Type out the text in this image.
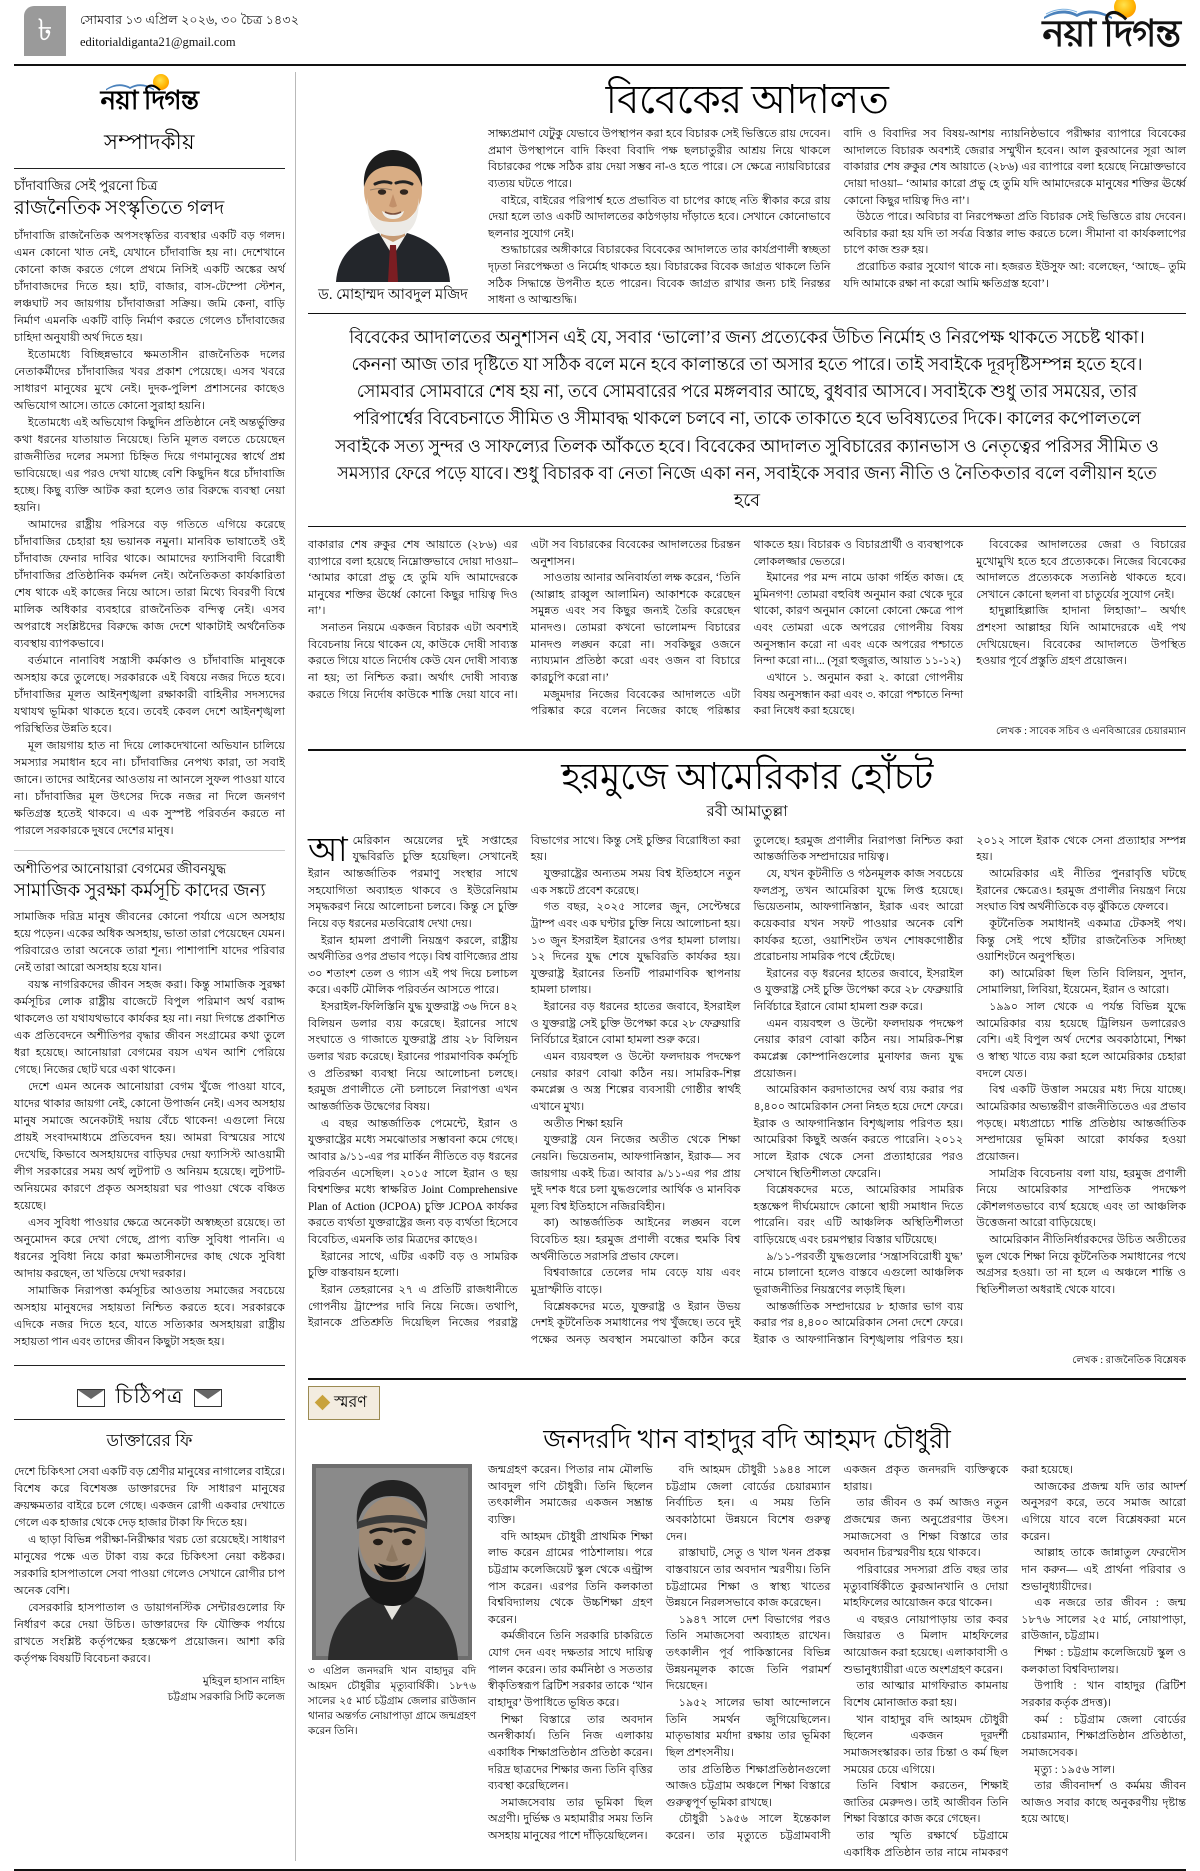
৳	সোমবার ১৩ এপ্রিল ২০২৬, ৩০ চৈত্র ১৪৩২
editorialdiganta21@gmail.com	নয়া দিগন্ত
নয়া দিগন্ত
সম্পাদকীয়
চাঁদাবাজির সেই পুরনো চিত্র
রাজনৈতিক সংস্কৃতিতে গলদ

চাঁদাবাজি রাজনৈতিক অপসংস্কৃতির ব্যবস্থার একটি বড় গলদ। এমন কোনো খাত নেই, যেখানে চাঁদাবাজি হয় না। দেশেখানে কোনো কাজ করতে গেলে প্রথমে নিসিই একটি অঙ্কের অর্থ চাঁদাবাজদের দিতে হয়। হাট, বাজার, বাস-টেম্পো স্টেশন, লঞ্চঘাট সব জায়গায় চাঁদাবাজরা সক্রিয়। জমি কেনা, বাড়ি নির্মাণ এমনকি একটি বাড়ি নির্মাণ করতে গেলেও চাঁদাবাজের চাহিদা অনুযায়ী অর্থ দিতে হয়।

ইতোমধ্যে বিচ্ছিন্নভাবে ক্ষমতাসীন রাজনৈতিক দলের নেতাকর্মীদের চাঁদাবাজির খবর প্রকাশ পেয়েছে। এসব খবরে সাধারণ মানুষের মুখে নেই। দুদক-পুলিশ প্রশাসনের কাছেও অভিযোগ আসে। তাতে কোনো সুরাহা হয়নি।

ইতোমধ্যে এই অভিযোগ কিছুদিন প্রতিষ্ঠানে নেই অন্তর্ভুক্তির কথা ধরনের যাতায়াত নিয়েছে। তিনি মূলত বলতে চেয়েছেন রাজনীতির দলের সমস্যা চিহ্নিত দিয়ে গণমানুষের স্বার্থে প্রশ্ন ভাবিয়েছে। এর পরও দেখা যাচ্ছে বেশি কিছুদিন ধরে চাঁদাবাজি হচ্ছে। কিছু ব্যক্তি আটক করা হলেও তার বিরুদ্ধে ব্যবস্থা নেয়া হয়নি।

আমাদের রাষ্ট্রীয় পরিসরে বড় গতিতে এগিয়ে করেছে চাঁদাবাজির চেহারা হয় ভয়ানক নমুনা। মানবিক ভাষাতেই ওই চাঁদাবাজ ফেনার দাবির থাকে। আমাদের ফ্যাসিবাদী বিরোধী চাঁদাবাজির প্রতিষ্ঠানিক কর্মদল নেই। অনৈতিকতা কার্যকারিতা শেষ থাকে এই কাজের নিয়ে আসে। তারা মিথ্যে বিবরণী বিশ্বে মালিক অধিকার ব্যবহারে রাজনৈতিক বন্দিত্ব নেই। এসব অপরাধে সংশ্লিষ্টদের বিরুদ্ধে কাজ দেশে থাকাটাই অর্থনৈতিক ব্যবস্থায় ব্যাপকভাবে।

বর্তমানে নানাবিধ সন্ত্রাসী কর্মকাণ্ড ও চাঁদাবাজি মানুষকে অসহায় করে তুলেছে। সরকারকে এই বিষয়ে নজর দিতে হবে। চাঁদাবাজির মূলত আইনশৃঙ্খলা রক্ষাকারী বাহিনীর সদস্যদের যথাযথ ভূমিকা থাকতে হবে। তবেই কেবল দেশে আইনশৃঙ্খলা পরিস্থিতির উন্নতি হবে।

মূল জায়গায় হাত না দিয়ে লোকদেখানো অভিযান চালিয়ে সমস্যার সমাধান হবে না। চাঁদাবাজির নেপথ্য কারা, তা সবাই জানে। তাদের আইনের আওতায় না আনলে সুফল পাওয়া যাবে না। চাঁদাবাজির মূল উৎসের দিকে নজর না দিলে জনগণ ক্ষতিগ্রস্ত হতেই থাকবে। এ এক সুস্পষ্ট পরিবর্তন করতে না পারলে সরকারকে দুষবে দেশের মানুষ।

অশীতিপর আনোয়ারা বেগমের জীবনযুদ্ধ
সামাজিক সুরক্ষা কর্মসূচি কাদের জন্য

সামাজিক দরিদ্র মানুষ জীবনের কোনো পর্যায়ে এসে অসহায় হয়ে পড়েন। একের অধিক অসহায়, ভাতা তারা পেয়েছেন যেমন। পরিবারেও তারা অনেকে তারা শূন্য। পাশাপাশি যাদের পরিবার নেই তারা আরো অসহায় হয়ে যান।

বয়স্ক নাগরিকদের জীবন সহজ করা। কিন্তু সামাজিক সুরক্ষা কর্মসূচির লোক রাষ্ট্রীয় বাজেটে বিপুল পরিমাণ অর্থ বরাদ্দ থাকলেও তা যথাযথভাবে কার্যকর হয় না। নয়া দিগন্তে প্রকাশিত এক প্রতিবেদনে অশীতিপর বৃদ্ধার জীবন সংগ্রামের কথা তুলে ধরা হয়েছে। আনোয়ারা বেগমের বয়স এখন আশি পেরিয়ে গেছে। নিজের ছোট ঘরে একা থাকেন।

দেশে এমন অনেক আনোয়ারা বেগম খুঁজে পাওয়া যাবে, যাদের থাকার জায়গা নেই, কোনো উপার্জন নেই। এসব অসহায় মানুষ সমাজে অনেকটাই দয়ায় বেঁচে থাকেন! এগুলো নিয়ে প্রায়ই সংবাদমাধ্যমে প্রতিবেদন হয়। আমরা বিস্ময়ের সাথে দেখেছি, কিভাবে অসহায়দের বাড়িঘর দেয়া ফ্যাসিস্ট আওয়ামী লীগ সরকারের সময় অর্থ লুটপাট ও অনিয়ম হয়েছে। লুটপাট-অনিয়মের কারণে প্রকৃত অসহায়রা ঘর পাওয়া থেকে বঞ্চিত হয়েছে।

এসব সুবিধা পাওয়ার ক্ষেত্রে অনেকটা অস্বচ্ছতা রয়েছে। তা অনুমোদন করে দেখা গেছে, প্রাপ্য ব্যক্তি সুবিধা পাননি। এ ধরনের সুবিধা নিয়ে কারা ক্ষমতাসীনদের কাছ থেকে সুবিধা আদায় করছেন, তা খতিয়ে দেখা দরকার।

সামাজিক নিরাপত্তা কর্মসূচির আওতায় সমাজের সবচেয়ে অসহায় মানুষদের সহায়তা নিশ্চিত করতে হবে। সরকারকে এদিকে নজর দিতে হবে, যাতে সত্যিকার অসহায়রা রাষ্ট্রীয় সহায়তা পান এবং তাদের জীবন কিছুটা সহজ হয়।

চিঠিপত্র
ডাক্তারের ফি

দেশে চিকিৎসা সেবা একটি বড় শ্রেণীর মানুষের নাগালের বাইরে। বিশেষ করে বিশেষজ্ঞ ডাক্তারদের ফি সাধারণ মানুষের ক্রয়ক্ষমতার বাইরে চলে গেছে। একজন রোগী একবার দেখাতে গেলে এক হাজার থেকে দেড় হাজার টাকা ফি দিতে হয়।

এ ছাড়া বিভিন্ন পরীক্ষা-নিরীক্ষার খরচ তো রয়েছেই। সাধারণ মানুষের পক্ষে এত টাকা ব্যয় করে চিকিৎসা নেয়া কষ্টকর। সরকারি হাসপাতালে সেবা পাওয়া গেলেও সেখানে রোগীর চাপ অনেক বেশি।

বেসরকারি হাসপাতাল ও ডায়াগনস্টিক সেন্টারগুলোর ফি নির্ধারণ করে দেয়া উচিত। ডাক্তারদের ফি যৌক্তিক পর্যায়ে রাখতে সংশ্লিষ্ট কর্তৃপক্ষের হস্তক্ষেপ প্রয়োজন। আশা করি কর্তৃপক্ষ বিষয়টি বিবেচনা করবে।

মুহিবুল হাসান নাহিদ
চট্টগ্রাম সরকারি সিটি কলেজ
বিবেকের আদালত
ড. মোহাম্মদ আবদুল মজিদ

সাক্ষ্যপ্রমাণ যেটুকু যেভাবে উপস্থাপন করা হবে বিচারক সেই ভিত্তিতে রায় দেবেন। প্রমাণ উপস্থাপনে বাদি কিংবা বিবাদি পক্ষ ছলচাতুরীর আশ্রয় নিয়ে থাকলে বিচারকের পক্ষে সঠিক রায় দেয়া সম্ভব না-ও হতে পারে। সে ক্ষেত্রে ন্যায়বিচারের ব্যত্যয় ঘটতে পারে।

বাইরে, বাইরের পরিপার্শ্ব হতে প্রভাবিত বা চাপের কাছে নতি স্বীকার করে রায় দেয়া হলে তাও একটি আদালতের কাঠগড়ায় দাঁড়াতে হবে। সেখানে কোনোভাবে ছলনার সুযোগ নেই।

শুদ্ধাচারের অঙ্গীকারে বিচারকের বিবেকের আদালতে তার কার্যপ্রণালী স্বচ্ছতা দৃঢ়তা নিরপেক্ষতা ও নির্মোহ থাকতে হয়। বিচারকের বিবেক জাগ্রত থাকলে তিনি সঠিক সিদ্ধান্তে উপনীত হতে পারেন। বিবেক জাগ্রত রাখার জন্য চাই নিরন্তর সাধনা ও আত্মশুদ্ধি।

বাদি ও বিবাদির সব বিষয়-আশয় ন্যায়নিষ্ঠভাবে পরীক্ষার ব্যাপারে বিবেকের আদালতে বিচারক অবশ্যই জেরার সম্মুখীন হবেন। আল কুরআনের সূরা আল বাকারার শেষ রুকুর শেষ আয়াতে (২৮৬) এর ব্যাপারে বলা হয়েছে নিম্নোক্তভাবে দোয়া দাওয়া– ‘আমার কারো প্রভু হে তুমি যদি আমাদেরকে মানুষের শক্তির ঊর্ধ্বে কোনো কিছুর দায়িত্ব দিও না’।

উঠতে পারে। অবিচার বা নিরপেক্ষতা প্রতি বিচারক সেই ভিত্তিতে রায় দেবেন। অবিচার করা হয় যদি তা সর্বত্র বিস্তার লাভ করতে চলে। সীমানা বা কার্যকলাপের চাপে কাজ শুরু হয়।

প্ররোচিত করার সুযোগ থাকে না। হজরত ইউসুফ আ: বলেছেন, ‘আছে– তুমি যদি আমাকে রক্ষা না করো আমি ক্ষতিগ্রস্ত হবো’।

বিবেকের আদালতের অনুশাসন এই যে, সবার ‘ভালো’র জন্য প্রত্যেকের উচিত নির্মোহ ও নিরপেক্ষ থাকতে সচেষ্ট থাকা। কেননা আজ তার দৃষ্টিতে যা সঠিক বলে মনে হবে কালান্তরে তা অসার হতে পারে। তাই সবাইকে দূরদৃষ্টিসম্পন্ন হতে হবে। সোমবার সোমবারে শেষ হয় না, তবে সোমবারের পরে মঙ্গলবার আছে, বুধবার আসবে। সবাইকে শুধু তার সময়ের, তার পরিপার্শ্বের বিবেচনাতে সীমিত ও সীমাবদ্ধ থাকলে চলবে না, তাকে তাকাতে হবে ভবিষ্যতের দিকে। কালের কপোলতলে সবাইকে সত্য সুন্দর ও সাফল্যের তিলক আঁকতে হবে। বিবেকের আদালত সুবিচারের ক্যানভাস ও নেতৃত্বের পরিসর সীমিত ও সমস্যার ফেরে পড়ে যাবে। শুধু বিচারক বা নেতা নিজে একা নন, সবাইকে সবার জন্য নীতি ও নৈতিকতার বলে বলীয়ান হতে হবে

বাকারার শেষ রুকুর শেষ আয়াতে (২৮৬) এর ব্যাপারে বলা হয়েছে নিম্নোক্তভাবে দোয়া দাওয়া– ‘আমার কারো প্রভু হে তুমি যদি আমাদেরকে মানুষের শক্তির ঊর্ধ্বে কোনো কিছুর দায়িত্ব দিও না’।

সনাতন নিয়মে একজন বিচারক এটা অবশ্যই বিবেচনায় নিয়ে থাকেন যে, কাউকে দোষী সাব্যস্ত করতে গিয়ে যাতে নির্দোষ কেউ যেন দোষী সাব্যস্ত না হয়; তা নিশ্চিত করা। অর্থাৎ দোষী সাব্যস্ত করতে গিয়ে নির্দোষ কাউকে শাস্তি দেয়া যাবে না। এটা সব বিচারকের বিবেকের আদালতের চিরন্তন অনুশাসন।

সাওতায় আনার অনিবার্যতা লক্ষ করেন, ‘তিনি (আল্লাহ রাব্বুল আলামিন) আকাশকে করেছেন সমুন্নত এবং সব কিছুর জন্যই তৈরি করেছেন মানদণ্ড। তোমরা কখনো ভালোমন্দ বিচারের মানদণ্ড লঙ্ঘন করো না। সবকিছুর ওজনে ন্যায্যমান প্রতিষ্ঠা করো এবং ওজন বা বিচারে কারচুপি করো না।’

মজুমদার নিজের বিবেকের আদালতে এটা পরিষ্কার করে বলেন নিজের কাছে পরিষ্কার থাকতে হয়। বিচারক ও বিচারপ্রার্থী ও ব্যবস্থাপকে লোকলজ্জার ভেতরে।

ইমানের পর মন্দ নামে ডাকা গর্হিত কাজ। হে মুমিনগণ! তোমরা বহুবিধ অনুমান করা থেকে দূরে থাকো, কারণ অনুমান কোনো কোনো ক্ষেত্রে পাপ এবং তোমরা একে অপরের গোপনীয় বিষয় অনুসন্ধান করো না এবং একে অপরের পশ্চাতে নিন্দা করো না।... (সূরা হুজুরাত, আয়াত ১১-১২)

এখানে ১. অনুমান করা ২. কারো গোপনীয় বিষয় অনুসন্ধান করা এবং ৩. কারো পশ্চাতে নিন্দা করা নিষেধ করা হয়েছে।

বিবেকের আদালতের জেরা ও বিচারের মুখোমুখি হতে হবে প্রত্যেককে। নিজের বিবেকের আদালতে প্রত্যেককে সত্যনিষ্ঠ থাকতে হবে। সেখানে কোনো ছলনা বা চাতুর্যের সুযোগ নেই।

হাদুল্লাহিল্লাজি হাদানা লিহাজা’– অর্থাৎ প্রশংসা আল্লাহর যিনি আমাদেরকে এই পথ দেখিয়েছেন। বিবেকের আদালতে উপস্থিত হওয়ার পূর্বে প্রস্তুতি গ্রহণ প্রয়োজন।

লেখক : সাবেক সচিব ও এনবিআরের চেয়ারম্যান
হরমুজে আমেরিকার হোঁচট
রবী আমাতুল্লা

আমেরিকান অয়েলের দুই সপ্তাহের যুদ্ধবিরতি চুক্তি হয়েছিল। সেখানেই ইরান আন্তর্জাতিক পরমাণু সংস্থার সাথে সহযোগিতা অব্যাহত থাকবে ও ইউরেনিয়াম সমৃদ্ধকরণ নিয়ে আলোচনা চলবে। কিন্তু সে চুক্তি নিয়ে বড় ধরনের মতবিরোধ দেখা দেয়।

ইরান হামলা প্রণালী নিয়ন্ত্রণ করলে, রাষ্ট্রীয় অর্থনীতির ওপর প্রভাব পড়ে। বিশ্ব বাণিজ্যের প্রায় ৩০ শতাংশ তেল ও গ্যাস এই পথ দিয়ে চলাচল করে। একটি মৌলিক পরিবর্তন আসতে পারে।

ইসরাইল-ফিলিস্তিনি যুদ্ধ যুক্তরাষ্ট্র ৩৬ দিনে ৪২ বিলিয়ন ডলার ব্যয় করেছে। ইরানের সাথে সংঘাতে ও গাজাতে যুক্তরাষ্ট্র প্রায় ২৮ বিলিয়ন ডলার খরচ করেছে। ইরানের পারমাণবিক কর্মসূচি ও প্রতিরক্ষা ব্যবস্থা নিয়ে আলোচনা চলছে। হরমুজ প্রণালীতে নৌ চলাচলে নিরাপত্তা এখন আন্তর্জাতিক উদ্বেগের বিষয়।

এ বছর আন্তর্জাতিক পেমেন্টে, ইরান ও যুক্তরাষ্ট্রের মধ্যে সমঝোতার সম্ভাবনা কমে গেছে। আবার ৯/১১-এর পর মার্কিন নীতিতে বড় ধরনের পরিবর্তন এসেছিল। ২০১৫ সালে ইরান ও ছয় বিশ্বশক্তির মধ্যে স্বাক্ষরিত Joint Comprehensive Plan of Action (JCPOA) চুক্তি JCPOA কার্যকর করতে ব্যর্থতা যুক্তরাষ্ট্রের জন্য বড় ব্যর্থতা হিসেবে বিবেচিত, এমনকি তার মিত্রদের কাছেও।

ইরানের সাথে, এটির একটি বড় ও সামরিক চুক্তি বাস্তবায়ন হলো।

ইরান তেহরানের ২৭ এ প্রতিটি রাজধানীতে গোপনীয় ট্রাম্পের দাবি নিয়ে নিজে। তথাপি, ইরানকে প্রতিশ্রুতি দিয়েছিল নিজের পররাষ্ট্র বিভাগের সাথে। কিন্তু সেই চুক্তির বিরোধিতা করা হয়।

যুক্তরাষ্ট্রের অন্যতম সময় বিশ্ব ইতিহাসে নতুন এক সঙ্কটে প্রবেশ করেছে।

গত বছর, ২০২৫ সালের জুন, সেপ্টেম্বরে ট্রাম্প এবং এক ঘণ্টার চুক্তি নিয়ে আলোচনা হয়। ১৩ জুন ইসরাইল ইরানের ওপর হামলা চালায়। ১২ দিনের যুদ্ধ শেষে যুদ্ধবিরতি কার্যকর হয়। যুক্তরাষ্ট্র ইরানের তিনটি পারমাণবিক স্থাপনায় হামলা চালায়।

ইরানের বড় ধরনের হাতের জবাবে, ইসরাইল ও যুক্তরাষ্ট্র সেই চুক্তি উপেক্ষা করে ২৮ ফেব্রুয়ারি নির্বিচারে ইরানে বোমা হামলা শুরু করে।

এমন ব্যয়বহুল ও উল্টো ফলদায়ক পদক্ষেপ নেয়ার কারণ বোঝা কঠিন নয়। সামরিক-শিল্প কমপ্লেক্স ও অস্ত্র শিল্পের ব্যবসায়ী গোষ্ঠীর স্বার্থই এখানে মুখ্য।

অতীত শিক্ষা হয়নি

যুক্তরাষ্ট্র যেন নিজের অতীত থেকে শিক্ষা নেয়নি। ভিয়েতনাম, আফগানিস্তান, ইরাক— সব জায়গায় একই চিত্র। আবার ৯/১১-এর পর প্রায় দুই দশক ধরে চলা যুদ্ধগুলোর আর্থিক ও মানবিক মূল্য বিশ্ব ইতিহাসে নজিরবিহীন।

কা) আন্তর্জাতিক আইনের লঙ্ঘন বলে বিবেচিত হয়। হরমুজ প্রণালী বন্ধের হুমকি বিশ্ব অর্থনীতিতে সরাসরি প্রভাব ফেলে।

বিশ্ববাজারে তেলের দাম বেড়ে যায় এবং মুদ্রাস্ফীতি বাড়ে।

বিশ্লেষকদের মতে, যুক্তরাষ্ট্র ও ইরান উভয় দেশই কূটনৈতিক সমাধানের পথ খুঁজছে। তবে দুই পক্ষের অনড় অবস্থান সমঝোতা কঠিন করে তুলেছে। হরমুজ প্রণালীর নিরাপত্তা নিশ্চিত করা আন্তর্জাতিক সম্প্রদায়ের দায়িত্ব।

যে, যখন কূটনীতি ও গঠনমূলক কাজ সবচেয়ে ফলপ্রসূ, তখন আমেরিকা যুদ্ধে লিপ্ত হয়েছে। ভিয়েতনাম, আফগানিস্তান, ইরাক এবং আরো কয়েকবার যখন সফট পাওয়ার অনেক বেশি কার্যকর হতো, ওয়াশিংটন তখন শোষকগোষ্ঠীর প্ররোচনায় সামরিক পথে হেঁটেছে।

ইরানের বড় ধরনের হাতের জবাবে, ইসরাইল ও যুক্তরাষ্ট্র সেই চুক্তি উপেক্ষা করে ২৮ ফেব্রুয়ারি নির্বিচারে ইরানে বোমা হামলা শুরু করে।

এমন ব্যয়বহুল ও উল্টো ফলদায়ক পদক্ষেপ নেয়ার কারণ বোঝা কঠিন নয়। সামরিক-শিল্প কমপ্লেক্স কোম্পানিগুলোর মুনাফার জন্য যুদ্ধ প্রয়োজন।

আমেরিকান করদাতাদের অর্থ ব্যয় করার পর ৪,৪০০ আমেরিকান সেনা নিহত হয়ে দেশে ফেরে। ইরাক ও আফগানিস্তান বিশৃঙ্খলায় পরিণত হয়। আমেরিকা কিছুই অর্জন করতে পারেনি। ২০১২ সালে ইরাক থেকে সেনা প্রত্যাহারের পরও সেখানে স্থিতিশীলতা ফেরেনি।

বিশ্লেষকদের মতে, আমেরিকার সামরিক হস্তক্ষেপ দীর্ঘমেয়াদে কোনো স্থায়ী সমাধান দিতে পারেনি। বরং এটি আঞ্চলিক অস্থিতিশীলতা বাড়িয়েছে এবং চরমপন্থার বিস্তার ঘটিয়েছে।

৯/১১-পরবর্তী যুদ্ধগুলোর ‘সন্ত্রাসবিরোধী যুদ্ধ’ নামে চালানো হলেও বাস্তবে এগুলো আঞ্চলিক ভূরাজনীতির নিয়ন্ত্রণের লড়াই ছিল।

আন্তর্জাতিক সম্প্রদায়ের ৮ হাজার ভাগ ব্যয় করার পর ৪,৪০০ আমেরিকান সেনা দেশে ফেরে। ইরাক ও আফগানিস্তান বিশৃঙ্খলায় পরিণত হয়। ২০১২ সালে ইরাক থেকে সেনা প্রত্যাহার সম্পন্ন হয়।

আমেরিকার এই নীতির পুনরাবৃত্তি ঘটছে ইরানের ক্ষেত্রেও। হরমুজ প্রণালীর নিয়ন্ত্রণ নিয়ে সংঘাত বিশ্ব অর্থনীতিকে বড় ঝুঁকিতে ফেলবে।

কূটনৈতিক সমাধানই একমাত্র টেকসই পথ। কিন্তু সেই পথে হাঁটার রাজনৈতিক সদিচ্ছা ওয়াশিংটনে অনুপস্থিত।

কা) আমেরিকা ছিল তিনি বিলিয়ন, সুদান, সোমালিয়া, লিবিয়া, ইয়েমেন, ইরান ও আরো।

১৯৯০ সাল থেকে এ পর্যন্ত বিভিন্ন যুদ্ধে আমেরিকার ব্যয় হয়েছে ট্রিলিয়ন ডলারেরও বেশি। এই বিপুল অর্থ দেশের অবকাঠামো, শিক্ষা ও স্বাস্থ্য খাতে ব্যয় করা হলে আমেরিকার চেহারা বদলে যেত।

বিশ্ব একটি উত্তাল সময়ের মধ্য দিয়ে যাচ্ছে। আমেরিকার অভ্যন্তরীণ রাজনীতিতেও এর প্রভাব পড়ছে। মধ্যপ্রাচ্যে শান্তি প্রতিষ্ঠায় আন্তর্জাতিক সম্প্রদায়ের ভূমিকা আরো কার্যকর হওয়া প্রয়োজন।

সামগ্রিক বিবেচনায় বলা যায়, হরমুজ প্রণালী নিয়ে আমেরিকার সাম্প্রতিক পদক্ষেপ কৌশলগতভাবে ব্যর্থ হয়েছে এবং তা আঞ্চলিক উত্তেজনা আরো বাড়িয়েছে।

আমেরিকান নীতিনির্ধারকদের উচিত অতীতের ভুল থেকে শিক্ষা নিয়ে কূটনৈতিক সমাধানের পথে অগ্রসর হওয়া। তা না হলে এ অঞ্চলে শান্তি ও স্থিতিশীলতা অধরাই থেকে যাবে।

লেখক : রাজনৈতিক বিশ্লেষক
স্মরণ
জনদরদি খান বাহাদুর বদি আহমদ চৌধুরী
৩ এপ্রিল জনদরদি খান বাহাদুর বদি আহমদ চৌধুরীর মৃত্যুবার্ষিকী। ১৮৭৬ সালের ২৫ মার্চ চট্টগ্রাম জেলার রাউজান থানার অন্তর্গত নোয়াপাড়া গ্রামে জন্মগ্রহণ করেন তিনি।

জন্মগ্রহণ করেন। পিতার নাম মৌলভি আবদুল গণি চৌধুরী। তিনি ছিলেন তৎকালীন সমাজের একজন সম্ভ্রান্ত ব্যক্তি।

বদি আহমদ চৌধুরী প্রাথমিক শিক্ষা লাভ করেন গ্রামের পাঠশালায়। পরে চট্টগ্রাম কলেজিয়েট স্কুল থেকে এন্ট্রান্স পাস করেন। এরপর তিনি কলকাতা বিশ্ববিদ্যালয় থেকে উচ্চশিক্ষা গ্রহণ করেন।

কর্মজীবনে তিনি সরকারি চাকরিতে যোগ দেন এবং দক্ষতার সাথে দায়িত্ব পালন করেন। তার কর্মনিষ্ঠা ও সততার স্বীকৃতিস্বরূপ ব্রিটিশ সরকার তাকে ‘খান বাহাদুর’ উপাধিতে ভূষিত করে।

শিক্ষা বিস্তারে তার অবদান অনস্বীকার্য। তিনি নিজ এলাকায় একাধিক শিক্ষাপ্রতিষ্ঠান প্রতিষ্ঠা করেন। দরিদ্র ছাত্রদের শিক্ষার জন্য তিনি বৃত্তির ব্যবস্থা করেছিলেন।

সমাজসেবায় তার ভূমিকা ছিল অগ্রণী। দুর্ভিক্ষ ও মহামারীর সময় তিনি অসহায় মানুষের পাশে দাঁড়িয়েছিলেন।

বদি আহমদ চৌধুরী ১৯৪৪ সালে চট্টগ্রাম জেলা বোর্ডের চেয়ারম্যান নির্বাচিত হন। এ সময় তিনি অবকাঠামো উন্নয়নে বিশেষ গুরুত্ব দেন।

রাস্তাঘাট, সেতু ও খাল খনন প্রকল্প বাস্তবায়নে তার অবদান স্মরণীয়। তিনি চট্টগ্রামের শিক্ষা ও স্বাস্থ্য খাতের উন্নয়নে নিরলসভাবে কাজ করেছেন।

১৯৪৭ সালে দেশ বিভাগের পরও তিনি সমাজসেবা অব্যাহত রাখেন। তৎকালীন পূর্ব পাকিস্তানের বিভিন্ন উন্নয়নমূলক কাজে তিনি পরামর্শ দিয়েছেন।

১৯৫২ সালের ভাষা আন্দোলনে তিনি সমর্থন জুগিয়েছিলেন। মাতৃভাষার মর্যাদা রক্ষায় তার ভূমিকা ছিল প্রশংসনীয়।

তার প্রতিষ্ঠিত শিক্ষাপ্রতিষ্ঠানগুলো আজও চট্টগ্রাম অঞ্চলে শিক্ষা বিস্তারে গুরুত্বপূর্ণ ভূমিকা রাখছে।

চৌধুরী ১৯৫৬ সালে ইন্তেকাল করেন। তার মৃত্যুতে চট্টগ্রামবাসী একজন প্রকৃত জনদরদি ব্যক্তিত্বকে হারায়।

তার জীবন ও কর্ম আজও নতুন প্রজন্মের জন্য অনুপ্রেরণার উৎস। সমাজসেবা ও শিক্ষা বিস্তারে তার অবদান চিরস্মরণীয় হয়ে থাকবে।

পরিবারের সদস্যরা প্রতি বছর তার মৃত্যুবার্ষিকীতে কুরআনখানি ও দোয়া মাহফিলের আয়োজন করে থাকেন।

এ বছরও নোয়াপাড়ায় তার কবর জিয়ারত ও মিলাদ মাহফিলের আয়োজন করা হয়েছে। এলাকাবাসী ও শুভানুধ্যায়ীরা এতে অংশগ্রহণ করেন।

তার আত্মার মাগফিরাত কামনায় বিশেষ মোনাজাত করা হয়।

খান বাহাদুর বদি আহমদ চৌধুরী ছিলেন একজন দূরদর্শী সমাজসংস্কারক। তার চিন্তা ও কর্ম ছিল সময়ের চেয়ে এগিয়ে।

তিনি বিশ্বাস করতেন, শিক্ষাই জাতির মেরুদণ্ড। তাই আজীবন তিনি শিক্ষা বিস্তারে কাজ করে গেছেন।

তার স্মৃতি রক্ষার্থে চট্টগ্রামে একাধিক প্রতিষ্ঠান তার নামে নামকরণ করা হয়েছে।

আজকের প্রজন্ম যদি তার আদর্শ অনুসরণ করে, তবে সমাজ আরো এগিয়ে যাবে বলে বিশ্লেষকরা মনে করেন।

আল্লাহ তাকে জান্নাতুল ফেরদৌস দান করুন— এই প্রার্থনা পরিবার ও শুভানুধ্যায়ীদের।

এক নজরে তার জীবন : জন্ম ১৮৭৬ সালের ২৫ মার্চ, নোয়াপাড়া, রাউজান, চট্টগ্রাম।

শিক্ষা : চট্টগ্রাম কলেজিয়েট স্কুল ও কলকাতা বিশ্ববিদ্যালয়।

উপাধি : খান বাহাদুর (ব্রিটিশ সরকার কর্তৃক প্রদত্ত)।

কর্ম : চট্টগ্রাম জেলা বোর্ডের চেয়ারম্যান, শিক্ষাপ্রতিষ্ঠান প্রতিষ্ঠাতা, সমাজসেবক।

মৃত্যু : ১৯৫৬ সাল।

তার জীবনাদর্শ ও কর্মময় জীবন আজও সবার কাছে অনুকরণীয় দৃষ্টান্ত হয়ে আছে।
